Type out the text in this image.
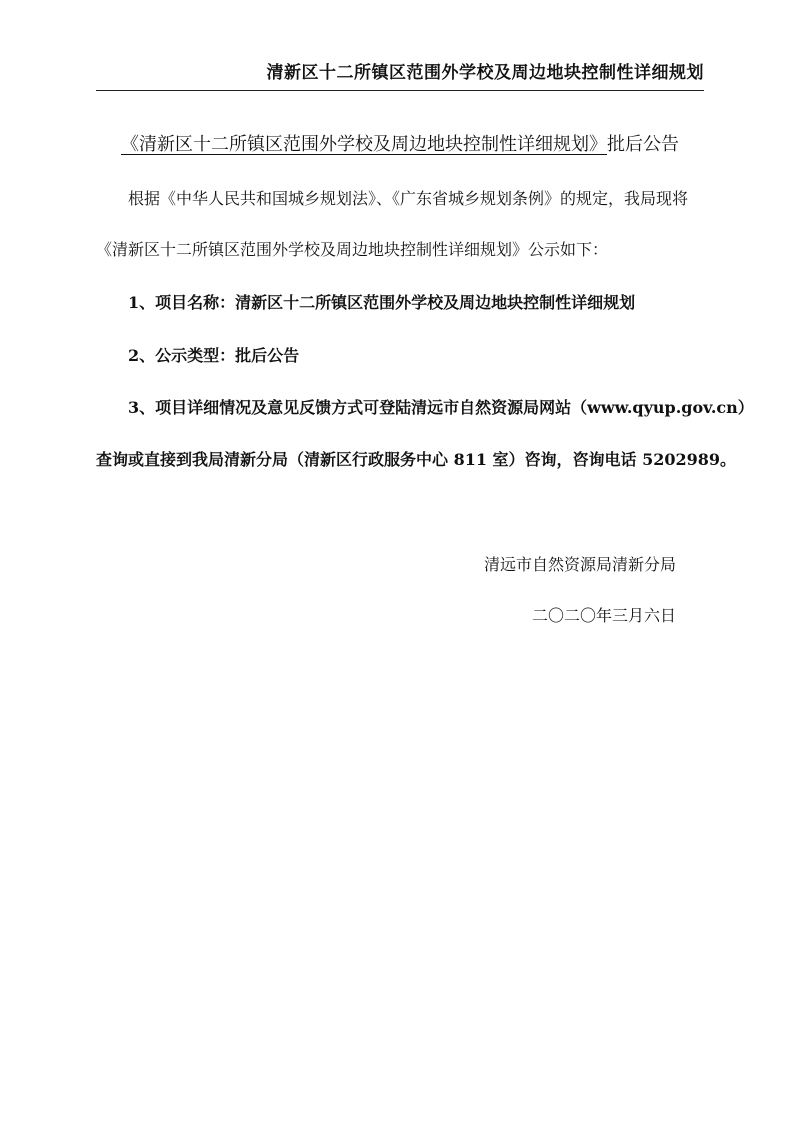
清新区十二所镇区范围外学校及周边地块控制性详细规划
《清新区十二所镇区范围外学校及周边地块控制性详细规划》批后公告
根据《中华人民共和国城乡规划法》、《广东省城乡规划条例》的规定，我局现将
《清新区十二所镇区范围外学校及周边地块控制性详细规划》公示如下：
1、项目名称：清新区十二所镇区范围外学校及周边地块控制性详细规划
2、公示类型：批后公告
3、项目详细情况及意见反馈方式可登陆清远市自然资源局网站（www.qyup.gov.cn）
查询或直接到我局清新分局（清新区行政服务中心 811 室）咨询，咨询电话 5202989。
清远市自然资源局清新分局
二〇二〇年三月六日
